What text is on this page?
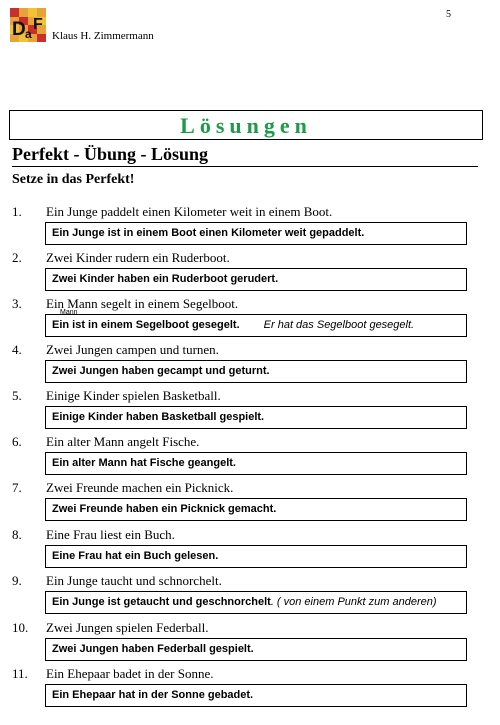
D a
F
Klaus H. Zimmermann
5
Lösungen
Perfekt - Übung - Lösung
Setze in das Perfekt!
1. Ein Junge paddelt einen Kilometer weit in einem Boot.
Ein Junge ist in einem Boot einen Kilometer weit gepaddelt.
2. Zwei Kinder rudern ein Ruderboot.
Zwei Kinder haben ein Ruderboot gerudert.
3. Ein Mann segelt in einem Segelboot.
Ein ist in einem Segelboot gesegelt. Er hat das Segelboot gesegelt.
Mann
4. Zwei Jungen campen und turnen.
Zwei Jungen haben gecampt und geturnt.
5. Einige Kinder spielen Basketball.
Einige Kinder haben Basketball gespielt.
6. Ein alter Mann angelt Fische.
Ein alter Mann hat Fische geangelt.
7. Zwei Freunde machen ein Picknick.
Zwei Freunde haben ein Picknick gemacht.
8. Eine Frau liest ein Buch.
Eine Frau hat ein Buch gelesen.
9. Ein Junge taucht und schnorchelt.
Ein Junge ist getaucht und geschnorchelt. ( von einem Punkt zum anderen)
10. Zwei Jungen spielen Federball.
Zwei Jungen haben Federball gespielt.
11. Ein Ehepaar badet in der Sonne.
Ein Ehepaar hat in der Sonne gebadet.
